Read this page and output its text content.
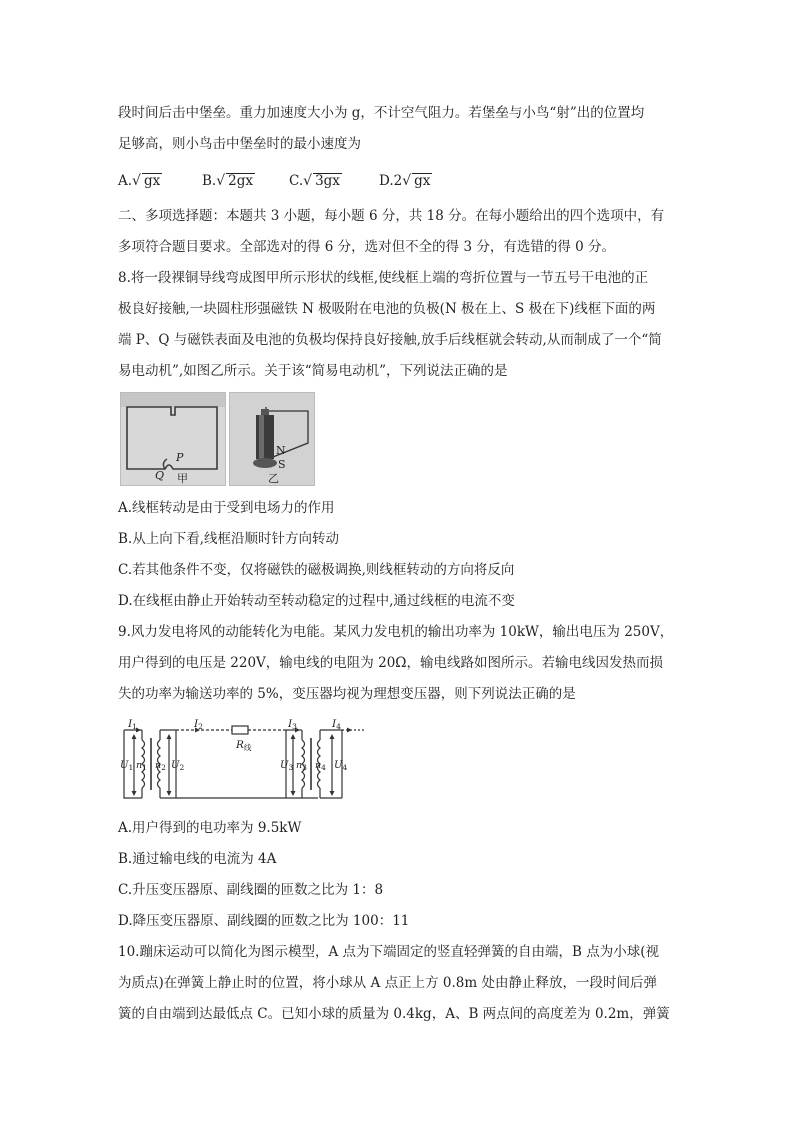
段时间后击中堡垒。重力加速度大小为 g，不计空气阻力。若堡垒与小鸟“射”出的位置均
足够高，则小鸟击中堡垒时的最小速度为
A.√ gx	B.√ 2gx	C.√ 3gx	D.2√ gx
二、多项选择题：本题共 3 小题，每小题 6 分，共 18 分。在每小题给出的四个选项中，有
多项符合题目要求。全部选对的得 6 分，选对但不全的得 3 分，有选错的得 0 分。
8.将一段裸铜导线弯成图甲所示形状的线框,使线框上端的弯折位置与一节五号干电池的正
极良好接触,一块圆柱形强磁铁 N 极吸附在电池的负极(N 极在上、S 极在下)线框下面的两
端 P、Q 与磁铁表面及电池的负极均保持良好接触,放手后线框就会转动,从而制成了一个“简
易电动机”,如图乙所示。关于该“简易电动机”，下列说法正确的是
P
Q 甲
N
S
乙
A.线框转动是由于受到电场力的作用
B.从上向下看,线框沿顺时针方向转动
C.若其他条件不变，仅将磁铁的磁极调换,则线框转动的方向将反向
D.在线框由静止开始转动至转动稳定的过程中,通过线框的电流不变
9.风力发电将风的动能转化为电能。某风力发电机的输出功率为 10kW，输出电压为 250V，
用户得到的电压是 220V，输电线的电阻为 20Ω，输电线路如图所示。若输电线因发热而损
失的功率为输送功率的 5%，变压器均视为理想变压器，则下列说法正确的是
I1	I2	I3	I4
R线
$U_1$ $n_1$ $n_2$ $U_2$	$U_3$ $n_3$ $n_4$ $U_4$
A.用户得到的电功率为 9.5kW
B.通过输电线的电流为 4A
C.升压变压器原、副线圈的匝数之比为 1：8
D.降压变压器原、副线圈的匝数之比为 100：11
10.蹦床运动可以简化为图示模型，A 点为下端固定的竖直轻弹簧的自由端，B 点为小球(视
为质点)在弹簧上静止时的位置，将小球从 A 点正上方 0.8m 处由静止释放，一段时间后弹
簧的自由端到达最低点 C。已知小球的质量为 0.4kg，A、B 两点间的高度差为 0.2m，弹簧
